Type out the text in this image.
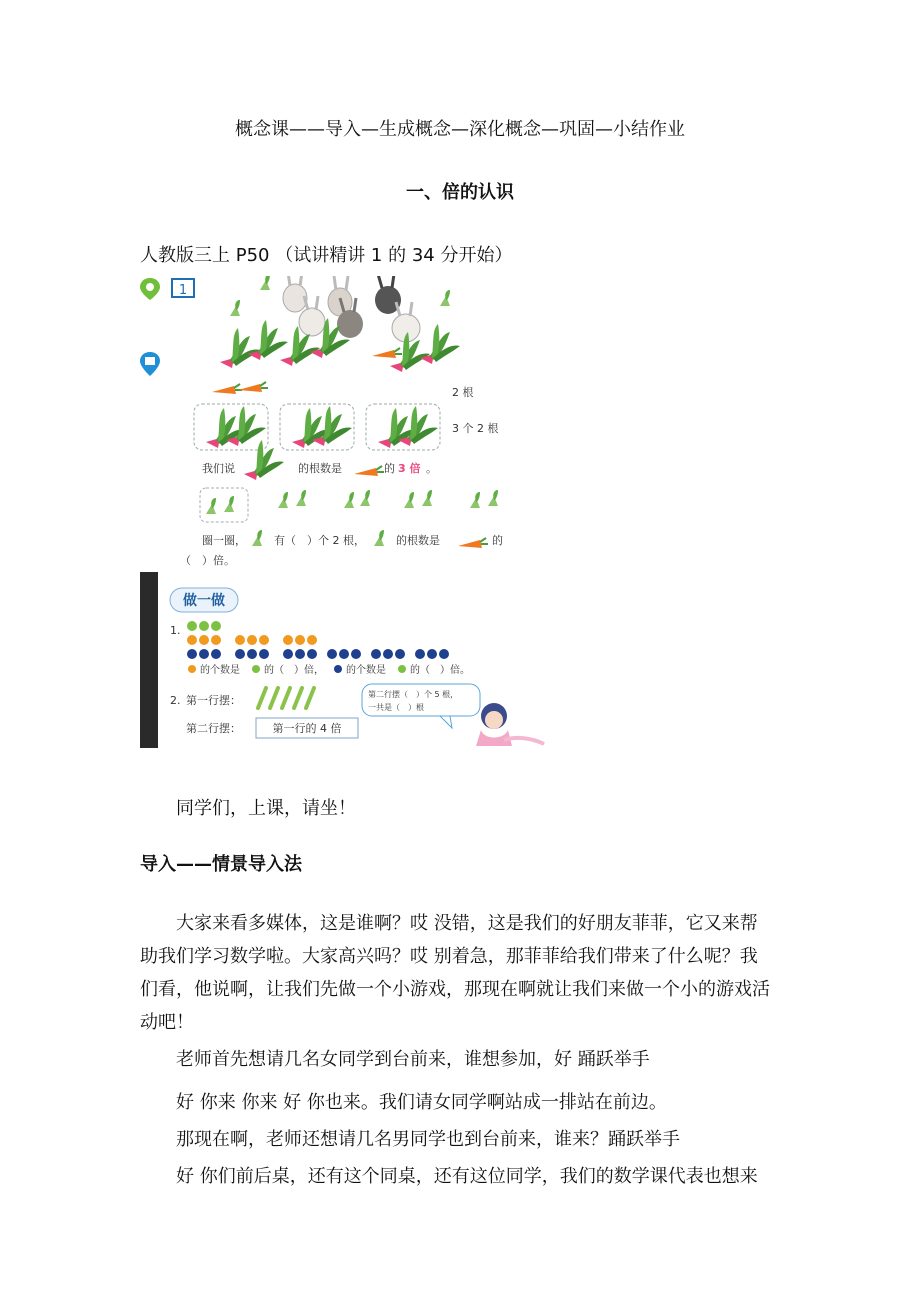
概念课——导入—生成概念—深化概念—巩固—小结作业
一、倍的认识
人教版三上 P50 （试讲精讲 1 的 34 分开始）
1
2 根
3 个 2 根
我们说	的根数是	的 3 倍 。
圈一圈，	有（　）个 2 根，	的根数是	的
（　）倍。
做一做
1.
的个数是 的（　）倍， 的个数是 的（　）倍。
2. 第一行摆：
第二行摆：	第一行的 4 倍
第二行摆（　）个 5 根，
一共是（　）根
同学们，上课，请坐！
导入——情景导入法
大家来看多媒体，这是谁啊？哎 没错，这是我们的好朋友菲菲，它又来帮
助我们学习数学啦。大家高兴吗？哎 别着急，那菲菲给我们带来了什么呢？我
们看，他说啊，让我们先做一个小游戏，那现在啊就让我们来做一个小的游戏活
动吧！
老师首先想请几名女同学到台前来，谁想参加，好 踊跃举手
好 你来 你来 好 你也来。我们请女同学啊站成一排站在前边。
那现在啊，老师还想请几名男同学也到台前来，谁来？踊跃举手
好 你们前后桌，还有这个同桌，还有这位同学，我们的数学课代表也想来
